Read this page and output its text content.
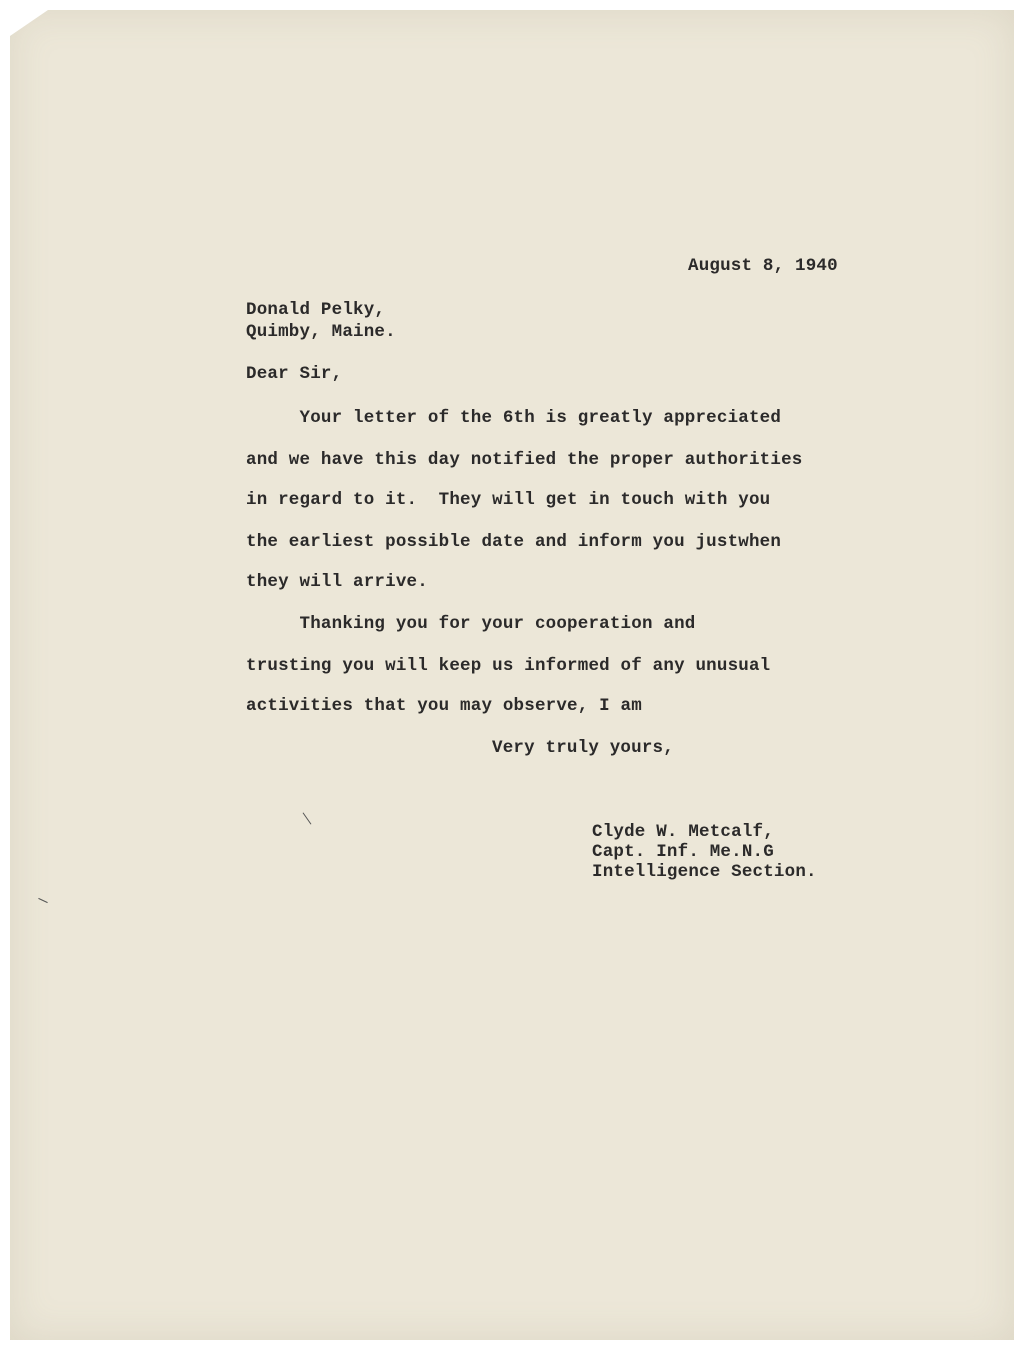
August 8, 1940
Donald Pelky,
Quimby, Maine.
Dear Sir,
Your letter of the 6th is greatly appreciated
and we have this day notified the proper authorities
in regard to it.  They will get in touch with you
the earliest possible date and inform you justwhen
they will arrive.
Thanking you for your cooperation and
trusting you will keep us informed of any unusual
activities that you may observe, I am
Very truly yours,
Clyde W. Metcalf,
Capt. Inf. Me.N.G
Intelligence Section.
